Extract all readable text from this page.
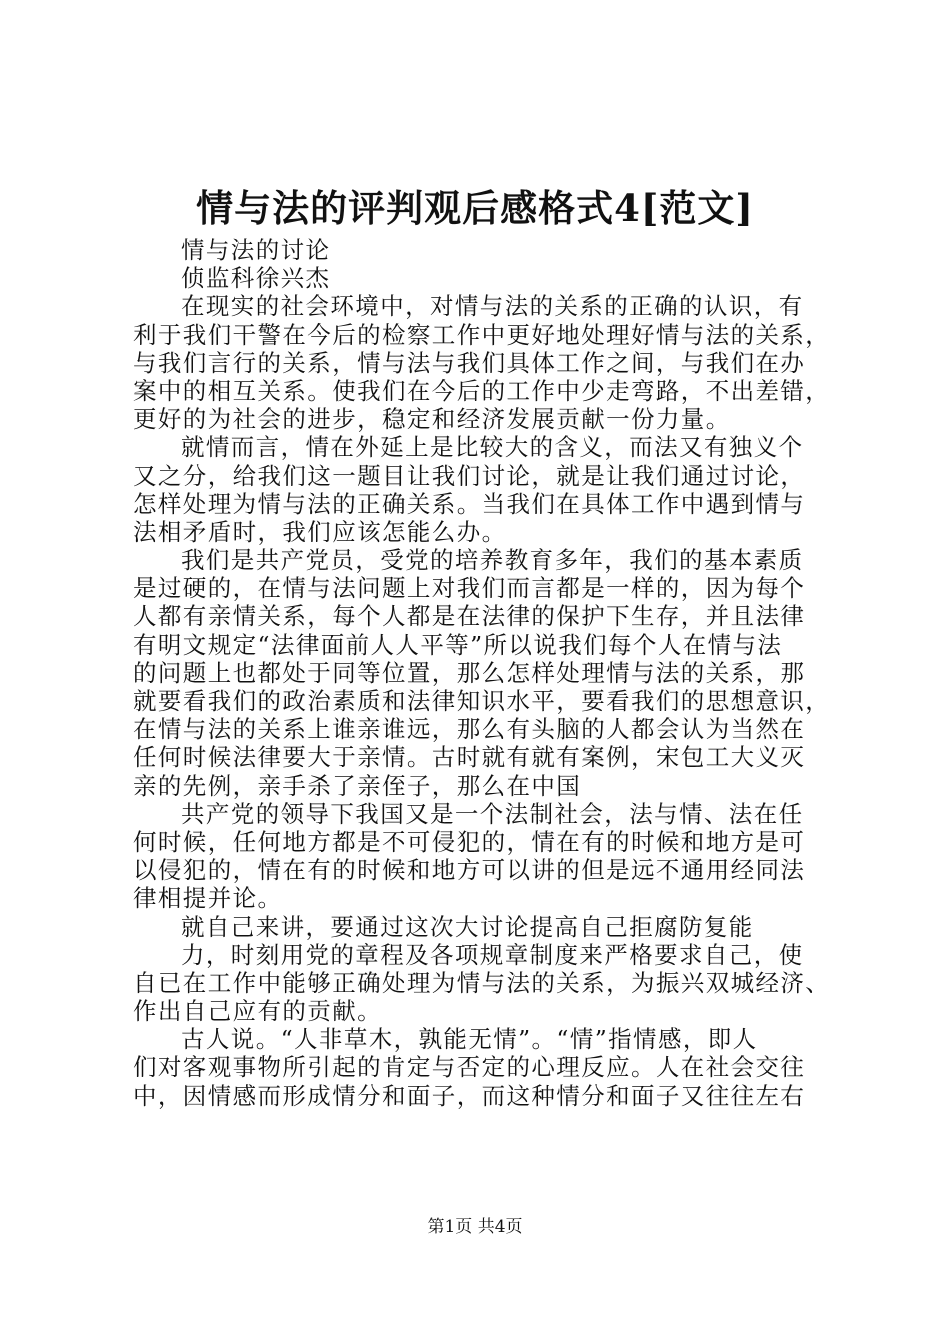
情与法的评判观后感格式4[范文]
情与法的讨论
侦监科徐兴杰
在现实的社会环境中，对情与法的关系的正确的认识，有
利于我们干警在今后的检察工作中更好地处理好情与法的关系，
与我们言行的关系，情与法与我们具体工作之间，与我们在办
案中的相互关系。使我们在今后的工作中少走弯路，不出差错，
更好的为社会的进步，稳定和经济发展贡献一份力量。
就情而言，情在外延上是比较大的含义，而法又有独义个
又之分，给我们这一题目让我们讨论，就是让我们通过讨论，
怎样处理为情与法的正确关系。当我们在具体工作中遇到情与
法相矛盾时，我们应该怎能么办。
我们是共产党员，受党的培养教育多年，我们的基本素质
是过硬的，在情与法问题上对我们而言都是一样的，因为每个
人都有亲情关系，每个人都是在法律的保护下生存，并且法律
有明文规定“法律面前人人平等”所以说我们每个人在情与法
的问题上也都处于同等位置，那么怎样处理情与法的关系，那
就要看我们的政治素质和法律知识水平，要看我们的思想意识，
在情与法的关系上谁亲谁远，那么有头脑的人都会认为当然在
任何时候法律要大于亲情。古时就有就有案例，宋包工大义灭
亲的先例，亲手杀了亲侄子，那么在中国
共产党的领导下我国又是一个法制社会，法与情、法在任
何时候，任何地方都是不可侵犯的，情在有的时候和地方是可
以侵犯的，情在有的时候和地方可以讲的但是远不通用经同法
律相提并论。
就自己来讲，要通过这次大讨论提高自己拒腐防复能
力，时刻用党的章程及各项规章制度来严格要求自己，使
自已在工作中能够正确处理为情与法的关系，为振兴双城经济、
作出自己应有的贡献。
古人说。“人非草木，孰能无情”。“情”指情感，即人
们对客观事物所引起的肯定与否定的心理反应。人在社会交往
中，因情感而形成情分和面子，而这种情分和面子又往往左右
第1页 共4页
